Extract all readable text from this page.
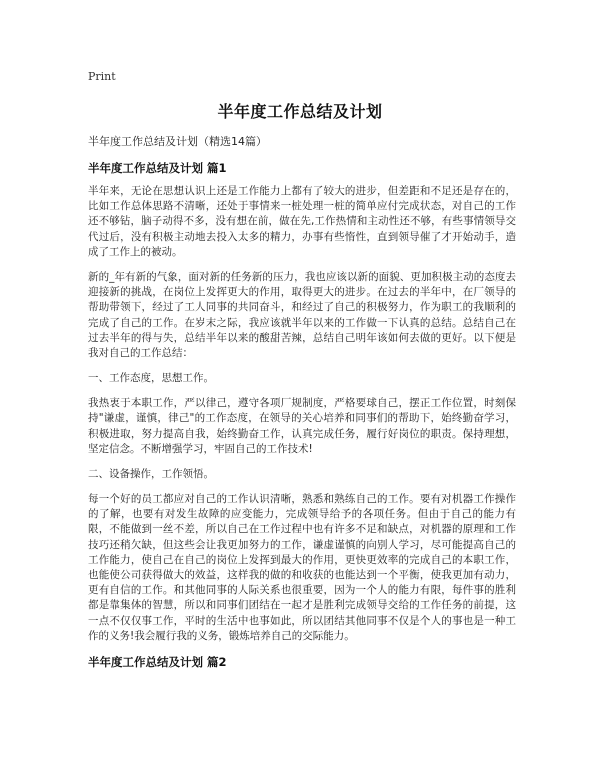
Print
半年度工作总结及计划

半年度工作总结及计划（精选14篇）

半年度工作总结及计划 篇1

半年来，无论在思想认识上还是工作能力上都有了较大的进步，但差距和不足还是存在的，比如工作总体思路不清晰，还处于事情来一桩处理一桩的简单应付完成状态，对自己的工作还不够钻，脑子动得不多，没有想在前，做在先,工作热情和主动性还不够，有些事情领导交代过后，没有积极主动地去投入太多的精力，办事有些惰性，直到领导催了才开始动手，造成了工作上的被动。

新的_年有新的气象，面对新的任务新的压力，我也应该以新的面貌、更加积极主动的态度去迎接新的挑战，在岗位上发挥更大的作用，取得更大的进步。在过去的半年中，在厂领导的帮助带领下，经过了工人同事的共同奋斗，和经过了自己的积极努力，作为职工的我顺利的完成了自己的工作。在岁末之际，我应该就半年以来的工作做一下认真的总结。总结自己在过去半年的得与失，总结半年以来的酸甜苦辣，总结自己明年该如何去做的更好。以下便是我对自己的工作总结：

一、工作态度，思想工作。

我热衷于本职工作，严以律己，遵守各项厂规制度，严格要球自己，摆正工作位置，时刻保持"谦虚，谨慎，律己"的工作态度，在领导的关心培养和同事们的帮助下，始终勤奋学习，积极进取，努力提高自我，始终勤奋工作，认真完成任务，履行好岗位的职责。保持理想，坚定信念。不断增强学习，牢固自己的工作技术!

二、设备操作，工作领悟。

每一个好的员工都应对自己的工作认识清晰，熟悉和熟练自己的工作。要有对机器工作操作的了解，也要有对发生故障的应变能力，完成领导给予的各项任务。但由于自己的能力有限，不能做到一丝不差，所以自己在工作过程中也有许多不足和缺点，对机器的原理和工作技巧还稍欠缺，但这些会让我更加努力的工作，谦虚谨慎的向别人学习，尽可能提高自己的工作能力，使自己在自己的岗位上发挥到最大的作用，更快更效率的完成自己的本职工作，也能使公司获得做大的效益，这样我的做的和收获的也能达到一个平衡，使我更加有动力，更有自信的工作。和其他同事的人际关系也很重要，因为一个人的能力有限，每件事的胜利都是靠集体的智慧，所以和同事们团结在一起才是胜利完成领导交给的工作任务的前提，这一点不仅仅事工作，平时的生活中也事如此，所以团结其他同事不仅是个人的事也是一种工作的义务!我会履行我的义务，锻炼培养自己的交际能力。

半年度工作总结及计划 篇2
